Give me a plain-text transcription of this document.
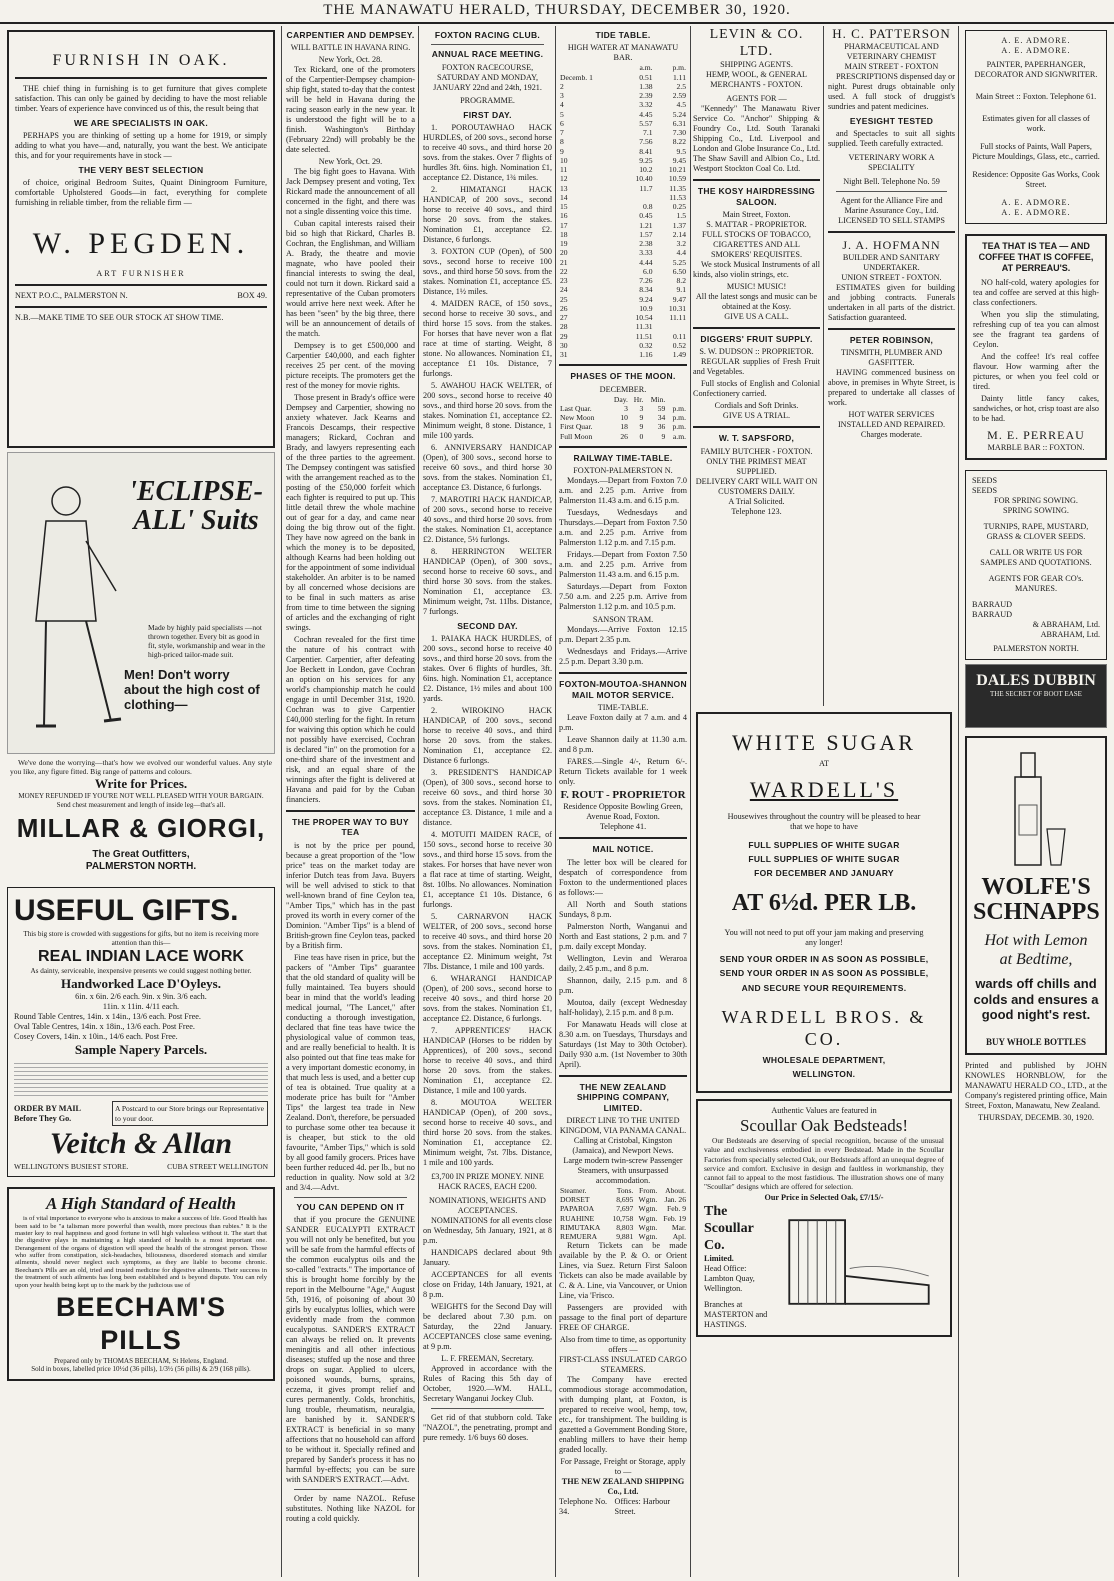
THE MANAWATU HERALD, THURSDAY, DECEMBER 30, 1920.
FURNISH IN OAK.
THE chief thing in furnishing is to get furniture that gives complete satisfaction. This can only be gained by deciding to have the most reliable timber. Years of experience have convinced us of this, the result being that
WE ARE SPECIALISTS IN OAK.
PERHAPS you are thinking of setting up a home for 1919, or simply adding to what you have—and, naturally, you want the best. We anticipate this, and for your requirements have in stock —
THE VERY BEST SELECTION
of choice, original Bedroom Suites, Quaint Diningroom Furniture, comfortable Upholstered Goods—in fact, everything for complete furnishing in reliable timber, from the reliable firm —
W. PEGDEN.
ART FURNISHER
NEXT P.O.C., PALMERSTON N.	BOX 49.
N.B.—MAKE TIME TO SEE OUR STOCK AT SHOW TIME.
'ECLIPSE-ALL' Suits
Made by highly paid specialists —not thrown together. Every bit as good in fit, style, workmanship and wear in the high-priced tailor-made suit.
Men! Don't worry about the high cost of clothing—
We've done the worrying—that's how we evolved our wonderful values. Any style you like, any figure fitted. Big range of patterns and colours.
Write for Prices.
MONEY REFUNDED IF YOU'RE NOT WELL PLEASED WITH YOUR BARGAIN.
Send chest measurement and length of inside leg—that's all.
MILLAR & GIORGI,
The Great Outfitters,
PALMERSTON NORTH.
USEFUL GIFTS.
This big store is crowded with suggestions for gifts, but no item is receiving more attention than this—
REAL INDIAN LACE WORK
As dainty, serviceable, inexpensive presents we could suggest nothing better.
Handworked Lace D'Oyleys.
6in. x 6in. 2/6 each. 9in. x 9in. 3/6 each.
11in. x 11in. 4/11 each.
Round Table Centres, 14in. x 14in., 13/6 each. Post Free.
Oval Table Centres, 14in. x 18in., 13/6 each. Post Free.
Cosey Covers, 14in. x 10in., 14/6 each. Post Free.
Sample Napery Parcels.
ORDER BY MAIL Before They Go.
A Postcard to our Store brings our Representative to your door.
Veitch & Allan
WELLINGTON'S BUSIEST STORE.	CUBA STREET WELLINGTON
A High Standard of Health
is of vital importance to everyone who is anxious to make a success of life. Good Health has been said to be "a talisman more powerful than wealth, more precious than rubies." It is the master key to real happiness and good fortune in will high valueless without it. The start that the digestive plays in maintaining a high standard of health is a most important one. Derangement of the organs of digestion will speed the health of the strongest person. Those who suffer from constipation, sick-headaches, biliousness, disordered stomach and similar ailments, should never neglect such symptoms, as they are liable to become chronic. Beecham's Pills are an old, tried and trusted medicine for digestive ailments. Their success in the treatment of such ailments has long been established and is beyond dispute. You can rely upon your health being kept up to the mark by the judicious use of
BEECHAM'S PILLS
Prepared only by THOMAS BEECHAM, St Helens, England.
Sold in boxes, labelled price 10½d (36 pills), 1/3½ (56 pills) & 2/9 (168 pills).
CARPENTIER AND DEMPSEY.
WILL BATTLE IN HAVANA RING.
New York, Oct. 28.
Tex Rickard, one of the promoters of the Carpentier-Dempsey champion-ship fight, stated to-day that the contest will be held in Havana during the racing season early in the new year. It is understood the fight will be to a finish. Washington's Birthday (February 22nd) will probably be the date selected.
New York, Oct. 29.
The big fight goes to Havana. With Jack Dempsey present and voting, Tex Rickard made the announcement of all concerned in the fight, and there was not a single dissenting voice this time.
Cuban capital interests raised their bid so high that Rickard, Charles B. Cochran, the Englishman, and William A. Brady, the theatre and movie magnate, who have pooled their financial interests to swing the deal, could not turn it down. Rickard said a representative of the Cuban promoters would arrive here next week. After he has been "seen" by the big three, there will be an announcement of details of the match.
Dempsey is to get £500,000 and Carpentier £40,000, and each fighter receives 25 per cent. of the moving picture receipts. The promoters get the rest of the money for movie rights.
Those present in Brady's office were Dempsey and Carpentier, showing no anxiety whatever. Jack Kearns and Francois Descamps, their respective managers; Rickard, Cochran and Brady, and lawyers representing each of the three parties to the agreement. The Dempsey contingent was satisfied with the arrangement reached as to the posting of the £50,000 forfeit which each fighter is required to put up. This little detail threw the whole machine out of gear for a day, and came near doing the big throw out of the fight. They have now agreed on the bank in which the money is to be deposited, although Kearns had been holding out for the appointment of some individual stakeholder. An arbiter is to be named by all concerned whose decisions are to be final in such matters as arise from time to time between the signing of articles and the exchanging of right swings.
Cochran revealed for the first time the nature of his contract with Carpentier. Carpentier, after defeating Joe Beckett in London, gave Cochran an option on his services for any world's championship match he could engage in until December 31st, 1920. Cochran was to give Carpentier £40,000 sterling for the fight. In return for waiving this option which he could not possibly have exercised, Cochran is declared "in" on the promotion for a one-third share of the investment and risk, and an equal share of the winnings after the fight is delivered at Havana and paid for by the Cuban financiers.
THE PROPER WAY TO BUY TEA
is not by the price per pound, because a great proportion of the "low price" teas on the market today are inferior Dutch teas from Java. Buyers will be well advised to stick to that well-known brand of fine Ceylon tea, "Amber Tips," which has in the past proved its worth in every corner of the Dominion. "Amber Tips" is a blend of British-grown fine Ceylon teas, packed by a British firm.
Fine teas have risen in price, but the packers of "Amber Tips" guarantee that the old standard of quality will be fully maintained. Tea buyers should bear in mind that the world's leading medical journal, "The Lancet," after conducting a thorough investigation, declared that fine teas have twice the physiological value of common teas, and are really beneficial to health. It is also pointed out that fine teas make for a very important domestic economy, in that much less is used, and a better cup of tea is obtained. True quality at a moderate price has built for "Amber Tips" the largest tea trade in New Zealand. Don't, therefore, be persuaded to purchase some other tea because it is cheaper, but stick to the old favourite, "Amber Tips," which is sold by all good family grocers. Prices have been further reduced 4d. per lb., but no reduction in quality. Now sold at 3/2 and 3/4.—Advt.
YOU CAN DEPEND ON IT
that if you procure the GENUINE SANDER EUCALYPTI EXTRACT you will not only be benefited, but you will be safe from the harmful effects of the common eucalyptus oils and the so-called "extracts." The importance of this is brought home forcibly by the report in the Melbourne "Age," August 5th, 1916, of poisoning of about 30 girls by eucalyptus lollies, which were evidently made from the common eucalypotus. SANDER'S EXTRACT can always be relied on. It prevents meningitis and all other infectious diseases; stuffed up the nose and three drops on sugar. Applied to ulcers, poisoned wounds, burns, sprains, eczema, it gives prompt relief and cures permanently. Colds, bronchitis, lung trouble, rheumatism, neuralgia, are banished by it. SANDER'S EXTRACT is beneficial in so many affections that no household can afford to be without it. Specially refined and prepared by Sander's process it has no harmful by-effects; you can be sure with SANDER'S EXTRACT.—Advt.
Order by name NAZOL. Refuse substitutes. Nothing like NAZOL for routing a cold quickly.
FOXTON RACING CLUB.
ANNUAL RACE MEETING.
FOXTON RACECOURSE, SATURDAY AND MONDAY, JANUARY 22nd and 24th, 1921.
PROGRAMME.
FIRST DAY.
1. POROUTAWHAO HACK HURDLES, of 200 sovs., second horse to receive 40 sovs., and third horse 20 sovs. from the stakes. Over 7 flights of hurdles 3ft. 6ins. high. Nomination £1, acceptance £2. Distance, 1¾ miles.
2. HIMATANGI HACK HANDICAP, of 200 sovs., second horse to receive 40 sovs., and third horse 20 sovs. from the stakes. Nomination £1, acceptance £2. Distance, 6 furlongs.
3. FOXTON CUP (Open), of 500 sovs., second horse to receive 100 sovs., and third horse 50 sovs. from the stakes. Nomination £1, acceptance £5. Distance, 1½ miles.
4. MAIDEN RACE, of 150 sovs., second horse to receive 30 sovs., and third horse 15 sovs. from the stakes. For horses that have never won a flat race at time of starting. Weight, 8 stone. No allowances. Nomination £1, acceptance £1 10s. Distance, 7 furlongs.
5. AWAHOU HACK WELTER, of 200 sovs., second horse to receive 40 sovs., and third horse 20 sovs. from the stakes. Nomination £1, acceptance £2. Minimum weight, 8 stone. Distance, 1 mile 100 yards.
6. ANNIVERSARY HANDICAP (Open), of 300 sovs., second horse to receive 60 sovs., and third horse 30 sovs. from the stakes. Nomination £1, acceptance £3. Distance, 6 furlongs.
7. MAROTIRI HACK HANDICAP, of 200 sovs., second horse to receive 40 sovs., and third horse 20 sovs. from the stakes. Nomination £1, acceptance £2. Distance, 5½ furlongs.
8. HERRINGTON WELTER HANDICAP (Open), of 300 sovs., second horse to receive 60 sovs., and third horse 30 sovs. from the stakes. Nomination £1, acceptance £3. Minimum weight, 7st. 11lbs. Distance, 7 furlongs.
SECOND DAY.
1. PAIAKA HACK HURDLES, of 200 sovs., second horse to receive 40 sovs., and third horse 20 sovs. from the stakes. Over 6 flights of hurdles, 3ft. 6ins. high. Nomination £1, acceptance £2. Distance, 1½ miles and about 100 yards.
2. WIROKINO HACK HANDICAP, of 200 sovs., second horse to receive 40 sovs., and third horse 20 sovs. from the stakes. Nomination £1, acceptance £2. Distance 6 furlongs.
3. PRESIDENT'S HANDICAP (Open), of 300 sovs., second horse to receive 60 sovs., and third horse 30 sovs. from the stakes. Nomination £1, acceptance £3. Distance, 1 mile and a distance.
4. MOTUITI MAIDEN RACE, of 150 sovs., second horse to receive 30 sovs., and third horse 15 sovs. from the stakes. For horses that have never won a flat race at time of starting. Weight, 8st. 10lbs. No allowances. Nomination £1, acceptance £1 10s. Distance, 6 furlongs.
5. CARNARVON HACK WELTER, of 200 sovs., second horse to receive 40 sovs., and third horse 20 sovs. from the stakes. Nomination £1, acceptance £2. Minimum weight, 7st 7lbs. Distance, 1 mile and 100 yards.
6. WHARANGI HANDICAP (Open), of 200 sovs., second horse to receive 40 sovs., and third horse 20 sovs. from the stakes. Nomination £1, acceptance £2. Distance, 6 furlongs.
7. APPRENTICES' HACK HANDICAP (Horses to be ridden by Apprentices), of 200 sovs., second horse to receive 40 sovs., and third horse 20 sovs. from the stakes. Nomination £1, acceptance £2. Distance, 1 mile and 100 yards.
8. MOUTOA WELTER HANDICAP (Open), of 200 sovs., second horse to receive 40 sovs., and third horse 20 sovs. from the stakes. Nomination £1, acceptance £2. Minimum weight, 7st. 7lbs. Distance, 1 mile and 100 yards.
£3,700 IN PRIZE MONEY. NINE HACK RACES, EACH £200.
NOMINATIONS, WEIGHTS AND ACCEPTANCES.
NOMINATIONS for all events close on Wednesday, 5th January, 1921, at 8 p.m.
HANDICAPS declared about 9th January.
ACCEPTANCES for all events close on Friday, 14th January, 1921, at 8 p.m.
WEIGHTS for the Second Day will be declared about 7.30 p.m. on Saturday, the 22nd January. ACCEPTANCES close same evening, at 9 p.m.
L. F. FREEMAN, Secretary.
Approved in accordance with the Rules of Racing this 5th day of October, 1920.—WM. HALL, Secretary Wanganui Jockey Club.
Get rid of that stubborn cold. Take "NAZOL", the penetrating, prompt and pure remedy. 1/6 buys 60 doses.
TIDE TABLE.
HIGH WATER AT MANAWATU BAR.
	a.m.	p.m.
Decemb. 1	0.51	1.11
2	1.38	2.5
3	2.39	2.59
4	3.32	4.5
5	4.45	5.24
6	5.57	6.31
7	7.1	7.30
8	7.56	8.22
9	8.41	9.5
10	9.25	9.45
11	10.2	10.21
12	10.40	10.59
13	11.7	11.35
14		11.53
15	0.8	0.25
16	0.45	1.5
17	1.21	1.37
18	1.57	2.14
19	2.38	3.2
20	3.33	4.4
21	4.44	5.25
22	6.0	6.50
23	7.26	8.2
24	8.34	9.1
25	9.24	9.47
26	10.9	10.31
27	10.54	11.11
28	11.31	
29	11.51	0.11
30	0.32	0.52
31	1.16	1.49
PHASES OF THE MOON.
DECEMBER.
	Day.	Hr.	Min.	
Last Quar.	3	3	59	p.m.
New Moon	10	9	34	p.m.
First Quar.	18	9	36	p.m.
Full Moon	26	0	9	a.m.
RAILWAY TIME-TABLE.
FOXTON-PALMERSTON N.
Mondays.—Depart from Foxton 7.0 a.m. and 2.25 p.m. Arrive from Palmerston 11.43 a.m. and 6.15 p.m.
Tuesdays, Wednesdays and Thursdays.—Depart from Foxton 7.50 a.m. and 2.25 p.m. Arrive from Palmerston 1.12 p.m. and 7.15 p.m.
Fridays.—Depart from Foxton 7.50 a.m. and 2.25 p.m. Arrive from Palmerston 11.43 a.m. and 6.15 p.m.
Saturdays.—Depart from Foxton 7.50 a.m. and 2.25 p.m. Arrive from Palmerston 1.12 p.m. and 10.5 p.m.
SANSON TRAM.
Mondays.—Arrive Foxton 12.15 p.m. Depart 2.35 p.m.
Wednesdays and Fridays.—Arrive 2.5 p.m. Depart 3.30 p.m.
FOXTON-MOUTOA-SHANNON MAIL MOTOR SERVICE.
TIME-TABLE.
Leave Foxton daily at 7 a.m. and 4 p.m.
Leave Shannon daily at 11.30 a.m. and 8 p.m.
FARES.—Single 4/-, Return 6/-. Return Tickets available for 1 week only.
F. ROUT - PROPRIETOR
Residence Opposite Bowling Green, Avenue Road, Foxton.
Telephone 41.
MAIL NOTICE.
The letter box will be cleared for despatch of correspondence from Foxton to the undermentioned places as follows:—
All North and South stations Sundays, 8 p.m.
Palmerston North, Wanganui and North and East stations, 2 p.m. and 7 p.m. daily except Monday.
Wellington, Levin and Weraroa daily, 2.45 p.m., and 8 p.m.
Shannon, daily, 2.15 p.m. and 8 p.m.
Moutoa, daily (except Wednesday half-holiday), 2.15 p.m. and 8 p.m.
For Manawatu Heads will close at 8.30 a.m. on Tuesdays, Thursdays and Saturdays (1st May to 30th October). Daily 930 a.m. (1st November to 30th April).
THE NEW ZEALAND SHIPPING COMPANY, LIMITED.
DIRECT LINE TO THE UNITED KINGDOM, VIA PANAMA CANAL.
Calling at Cristobal, Kingston (Jamaica), and Newport News.
Large modern twin-screw Passenger Steamers, with unsurpassed accommodation.
Steamer.	Tons.	From.	About.
DORSET	8,695	Wgtn.	Jan. 26
PAPAROA	7,697	Wgtn.	Feb. 9
RUAHINE	10,758	Wgtn.	Feb. 19
RIMUTAKA	8,803	Wgtn.	Mar.
REMUERA	9,881	Wgtn.	Apl.
Return Tickets can be made available by the P. & O. or Orient Lines, via Suez. Return First Saloon Tickets can also be made available by C. & A. Line, via Vancouver, or Union Line, via 'Frisco.
Passengers are provided with passage to the final port of departure FREE OF CHARGE.
Also from time to time, as opportunity offers —
FIRST-CLASS INSULATED CARGO STEAMERS.
The Company have erected commodious storage accommodation, with dumping plant, at Foxton, is prepared to receive wool, hemp, tow, etc., for transhipment. The building is gazetted a Government Bonding Store, enabling millers to have their hemp graded locally.
For Passage, Freight or Storage, apply to —
THE NEW ZEALAND SHIPPING Co., Ltd.
Telephone No. 34.
Offices: Harbour Street.
LEVIN & CO. LTD.
SHIPPING AGENTS.
HEMP, WOOL, & GENERAL MERCHANTS - FOXTON.
AGENTS FOR —
"Kennedy" The Manawatu River Service Co. "Anchor" Shipping & Foundry Co., Ltd. South Taranaki Shipping Co., Ltd. Liverpool and London and Globe Insurance Co., Ltd. The Shaw Savill and Albion Co., Ltd. Westport Stockton Coal Co. Ltd.
THE KOSY HAIRDRESSING SALOON.
Main Street, Foxton.
S. MATTAR - PROPRIETOR.
FULL STOCKS OF TOBACCO, CIGARETTES AND ALL SMOKERS' REQUISITES.
We stock Musical Instruments of all kinds, also violin strings, etc.
MUSIC! MUSIC!
All the latest songs and music can be obtained at the Kosy.
GIVE US A CALL.
DIGGERS' FRUIT SUPPLY.
S. W. DUDSON :: PROPRIETOR.
REGULAR supplies of Fresh Fruit and Vegetables.
Full stocks of English and Colonial Confectionery carried.
Cordials and Soft Drinks.
GIVE US A TRIAL.
W. T. SAPSFORD,
FAMILY BUTCHER - FOXTON.
ONLY THE PRIMEST MEAT SUPPLIED.
DELIVERY CART WILL WAIT ON CUSTOMERS DAILY.
A Trial Solicited.
Telephone 123.
H. C. PATTERSON
PHARMACEUTICAL AND VETERINARY CHEMIST
MAIN STREET - FOXTON
PRESCRIPTIONS dispensed day or night. Purest drugs obtainable only used. A full stock of druggist's sundries and patent medicines.
EYESIGHT TESTED
and Spectacles to suit all sights supplied. Teeth carefully extracted.
VETERINARY WORK A SPECIALITY
Night Bell. Telephone No. 59
Agent for the Alliance Fire and Marine Assurance Coy., Ltd.
LICENSED TO SELL STAMPS
J. A. HOFMANN
BUILDER AND SANITARY UNDERTAKER.
UNION STREET - FOXTON.
ESTIMATES given for building and jobbing contracts. Funerals undertaken in all parts of the district. Satisfaction guaranteed.
PETER ROBINSON,
TINSMITH, PLUMBER AND GASFITTER.
HAVING commenced business on above, in premises in Whyte Street, is prepared to undertake all classes of work.
HOT WATER SERVICES INSTALLED AND REPAIRED.
Charges moderate.
WHITE SUGAR
AT
WARDELL'S
Housewives throughout the country will be pleased to hear that we hope to have
FULL SUPPLIES OF WHITE SUGAR
FULL SUPPLIES OF WHITE SUGAR
FOR DECEMBER AND JANUARY
AT 6½d. PER LB.
You will not need to put off your jam making and preserving any longer!
SEND YOUR ORDER IN AS SOON AS POSSIBLE,
SEND YOUR ORDER IN AS SOON AS POSSIBLE,
AND SECURE YOUR REQUIREMENTS.
WARDELL BROS. & CO.
WHOLESALE DEPARTMENT,
WELLINGTON.
Authentic Values are featured in
Scoullar Oak Bedsteads!
Our Bedsteads are deserving of special recognition, because of the unusual value and exclusiveness embodied in every Bedstead. Made in the Scoullar Factories from specially selected Oak, our Bedsteads afford an unequal degree of service and comfort. Exclusive in design and faultless in workmanship, they cannot fail to appeal to the most fastidious. The illustration shows one of many "Scoullar" designs which are offered for selection.
Our Price in Selected Oak, £7/15/-
The Scoullar Co.
Limited.
Head Office: Lambton Quay, Wellington.
Branches at MASTERTON and HASTINGS.
A. E. ADMORE.
A. E. ADMORE.
PAINTER, PAPERHANGER, DECORATOR AND SIGNWRITER.
Main Street :: Foxton. Telephone 61.
Estimates given for all classes of work.
Full stocks of Paints, Wall Papers, Picture Mouldings, Glass, etc., carried.
Residence: Opposite Gas Works, Cook Street.
A. E. ADMORE.
A. E. ADMORE.
TEA THAT IS TEA — AND COFFEE THAT IS COFFEE, AT PERREAU'S.
NO half-cold, watery apologies for tea and coffee are served at this high-class confectioners.
When you slip the stimulating, refreshing cup of tea you can almost see the fragrant tea gardens of Ceylon.
And the coffee! It's real coffee flavour. How warming after the pictures, or when you feel cold or tired.
Dainty little fancy cakes, sandwiches, or hot, crisp toast are also to be had.
M. E. PERREAU
MARBLE BAR :: FOXTON.
SEEDS
SEEDS
FOR SPRING SOWING.
SPRING SOWING.
TURNIPS, RAPE, MUSTARD, GRASS & CLOVER SEEDS.
CALL OR WRITE US FOR SAMPLES AND QUOTATIONS.
AGENTS FOR GEAR CO's. MANURES.
BARRAUD
BARRAUD
& ABRAHAM, Ltd.
ABRAHAM, Ltd.
PALMERSTON NORTH.
DALES DUBBIN
THE SECRET OF BOOT EASE
WOLFE'S
SCHNAPPS
Hot with Lemon
at Bedtime,
wards off chills and colds and ensures a good night's rest.
BUY WHOLE BOTTLES
Printed and published by JOHN KNOWLES HORNBLOW, for the MANAWATU HERALD CO., LTD., at the Company's registered printing office, Main Street, Foxton, Manawatu, New Zealand.
THURSDAY, DECEMB. 30, 1920.
